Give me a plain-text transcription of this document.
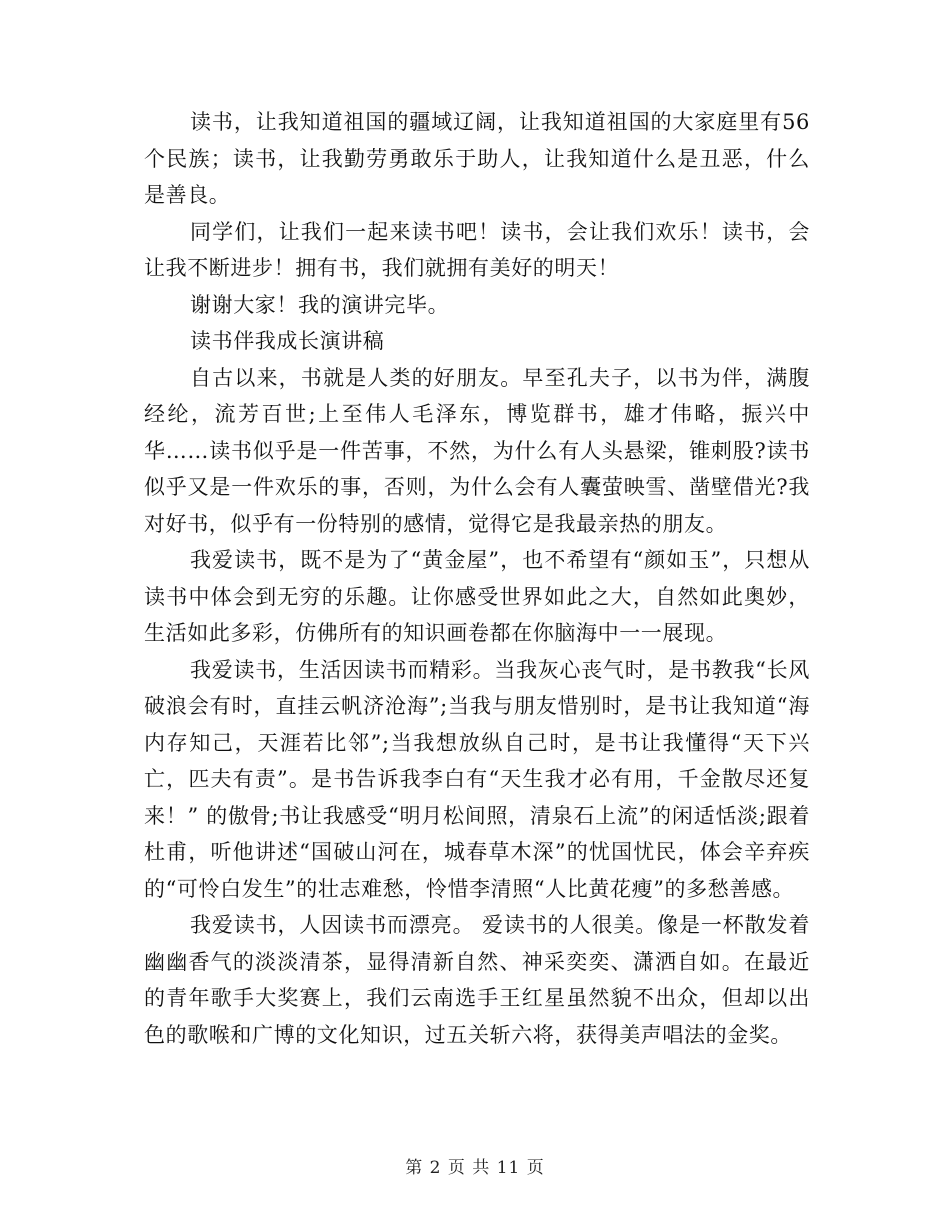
读书，让我知道祖国的疆域辽阔，让我知道祖国的大家庭里有56个民族；读书，让我勤劳勇敢乐于助人，让我知道什么是丑恶，什么是善良。

同学们，让我们一起来读书吧！读书，会让我们欢乐！读书，会让我不断进步！拥有书，我们就拥有美好的明天！

谢谢大家！我的演讲完毕。

读书伴我成长演讲稿

自古以来，书就是人类的好朋友。早至孔夫子，以书为伴，满腹经纶，流芳百世;上至伟人毛泽东，博览群书，雄才伟略，振兴中华……读书似乎是一件苦事，不然，为什么有人头悬梁，锥刺股?读书似乎又是一件欢乐的事，否则，为什么会有人囊萤映雪、凿壁借光?我对好书，似乎有一份特别的感情，觉得它是我最亲热的朋友。

我爱读书，既不是为了“黄金屋”，也不希望有“颜如玉”，只想从读书中体会到无穷的乐趣。让你感受世界如此之大，自然如此奥妙，生活如此多彩，仿佛所有的知识画卷都在你脑海中一一展现。

我爱读书，生活因读书而精彩。当我灰心丧气时，是书教我“长风破浪会有时，直挂云帆济沧海”;当我与朋友惜别时，是书让我知道“海内存知己，天涯若比邻”;当我想放纵自己时，是书让我懂得“天下兴亡，匹夫有责”。是书告诉我李白有“天生我才必有用，千金散尽还复来！” 的傲骨;书让我感受“明月松间照，清泉石上流”的闲适恬淡;跟着杜甫，听他讲述“国破山河在，城春草木深”的忧国忧民，体会辛弃疾的“可怜白发生”的壮志难愁，怜惜李清照“人比黄花瘦”的多愁善感。

我爱读书，人因读书而漂亮。 爱读书的人很美。像是一杯散发着幽幽香气的淡淡清茶，显得清新自然、神采奕奕、潇洒自如。在最近的青年歌手大奖赛上，我们云南选手王红星虽然貌不出众，但却以出色的歌喉和广博的文化知识，过五关斩六将，获得美声唱法的金奖。

第 2 页 共 11 页
